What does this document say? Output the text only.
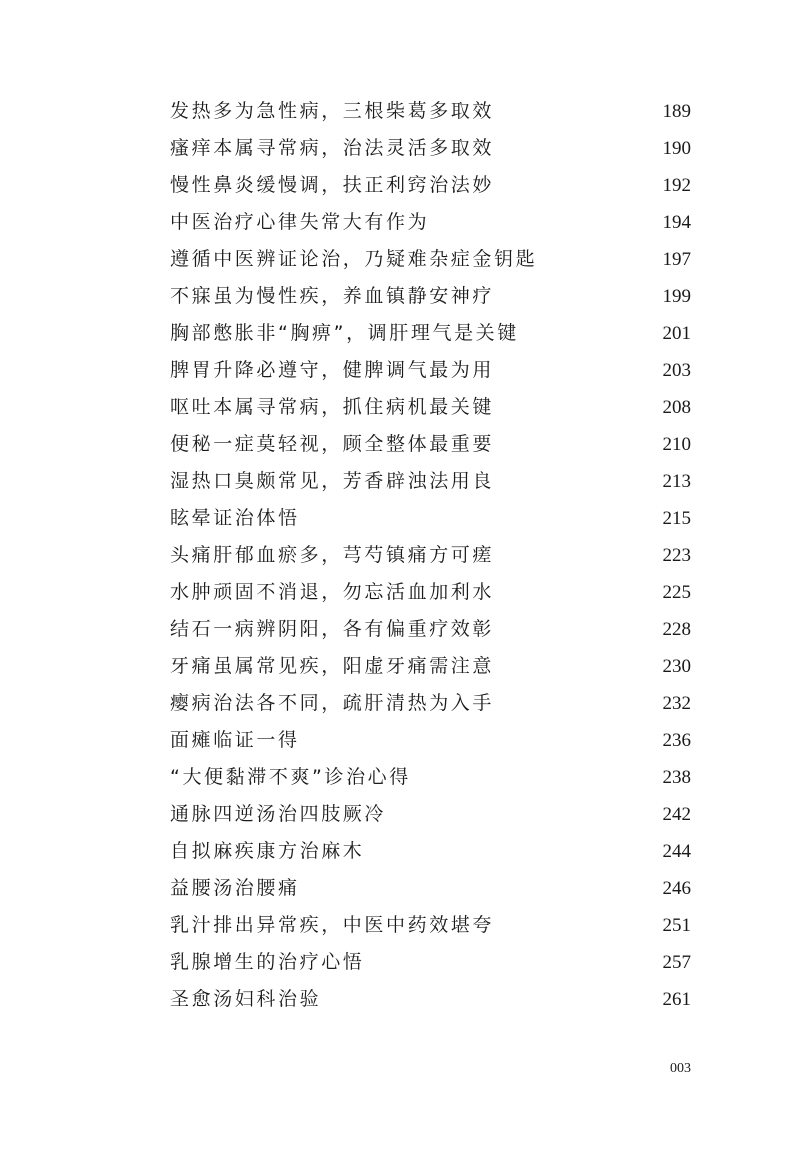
发热多为急性病，三根柴葛多取效	189
瘙痒本属寻常病，治法灵活多取效	190
慢性鼻炎缓慢调，扶正利窍治法妙	192
中医治疗心律失常大有作为	194
遵循中医辨证论治，乃疑难杂症金钥匙	197
不寐虽为慢性疾，养血镇静安神疗	199
胸部憋胀非“胸痹”，调肝理气是关键	201
脾胃升降必遵守，健脾调气最为用	203
呕吐本属寻常病，抓住病机最关键	208
便秘一症莫轻视，顾全整体最重要	210
湿热口臭颇常见，芳香辟浊法用良	213
眩晕证治体悟	215
头痛肝郁血瘀多，芎芍镇痛方可瘥	223
水肿顽固不消退，勿忘活血加利水	225
结石一病辨阴阳，各有偏重疗效彰	228
牙痛虽属常见疾，阳虚牙痛需注意	230
瘿病治法各不同，疏肝清热为入手	232
面瘫临证一得	236
“大便黏滞不爽”诊治心得	238
通脉四逆汤治四肢厥冷	242
自拟麻疾康方治麻木	244
益腰汤治腰痛	246
乳汁排出异常疾，中医中药效堪夸	251
乳腺增生的治疗心悟	257
圣愈汤妇科治验	261
003
